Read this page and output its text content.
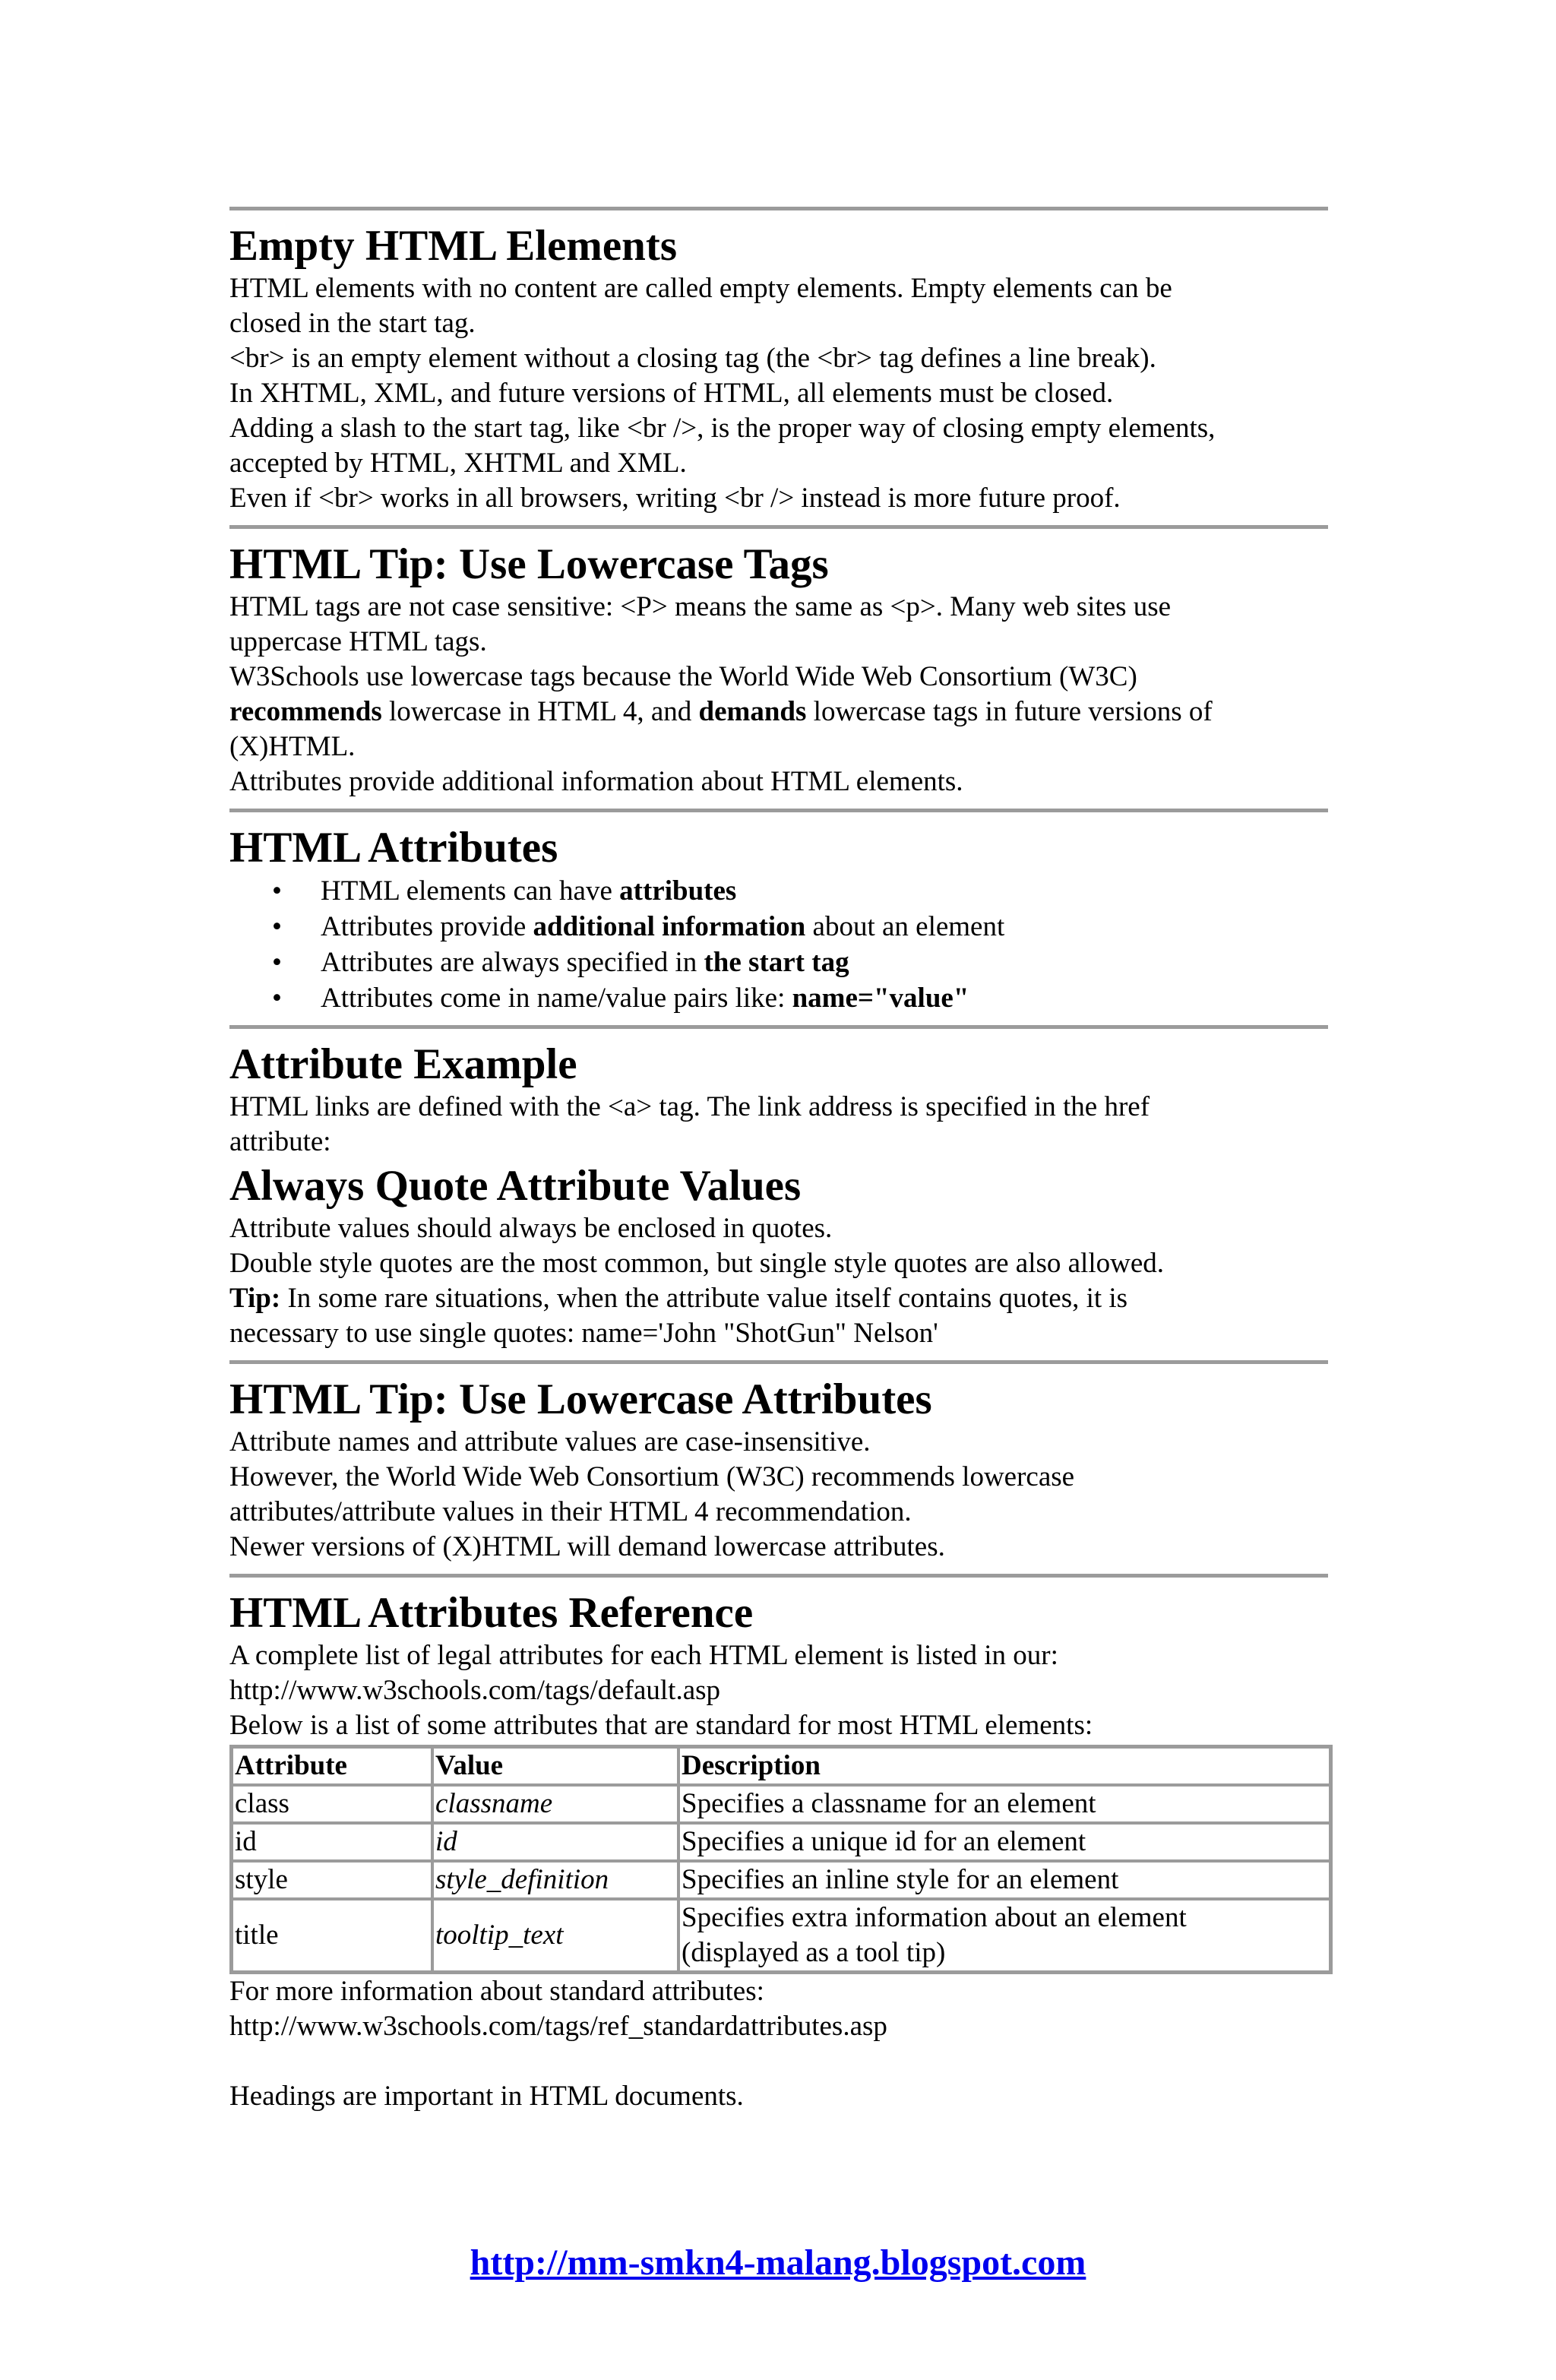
Empty HTML Elements

HTML elements with no content are called empty elements. Empty elements can be

closed in the start tag.

<br> is an empty element without a closing tag (the <br> tag defines a line break).

In XHTML, XML, and future versions of HTML, all elements must be closed.

Adding a slash to the start tag, like <br />, is the proper way of closing empty elements,

accepted by HTML, XHTML and XML.

Even if <br> works in all browsers, writing <br /> instead is more future proof.

HTML Tip: Use Lowercase Tags

HTML tags are not case sensitive: <P> means the same as <p>. Many web sites use

uppercase HTML tags.

W3Schools use lowercase tags because the World Wide Web Consortium (W3C)

recommends lowercase in HTML 4, and demands lowercase tags in future versions of

(X)HTML.

Attributes provide additional information about HTML elements.

HTML Attributes
• HTML elements can have attributes
• Attributes provide additional information about an element
• Attributes are always specified in the start tag
• Attributes come in name/value pairs like: name="value"
Attribute Example

HTML links are defined with the <a> tag. The link address is specified in the href

attribute:

Always Quote Attribute Values

Attribute values should always be enclosed in quotes.

Double style quotes are the most common, but single style quotes are also allowed.

Tip: In some rare situations, when the attribute value itself contains quotes, it is

necessary to use single quotes: name='John "ShotGun" Nelson'

HTML Tip: Use Lowercase Attributes

Attribute names and attribute values are case-insensitive.

However, the World Wide Web Consortium (W3C) recommends lowercase

attributes/attribute values in their HTML 4 recommendation.

Newer versions of (X)HTML will demand lowercase attributes.

HTML Attributes Reference

A complete list of legal attributes for each HTML element is listed in our:

http://www.w3schools.com/tags/default.asp

Below is a list of some attributes that are standard for most HTML elements:

Attribute	Value	Description
class	classname	Specifies a classname for an element
id	id	Specifies a unique id for an element
style	style_definition	Specifies an inline style for an element
title	tooltip_text	Specifies extra information about an element
(displayed as a tool tip)

For more information about standard attributes:

http://www.w3schools.com/tags/ref_standardattributes.asp

Headings are important in HTML documents.

http://mm-smkn4-malang.blogspot.com
